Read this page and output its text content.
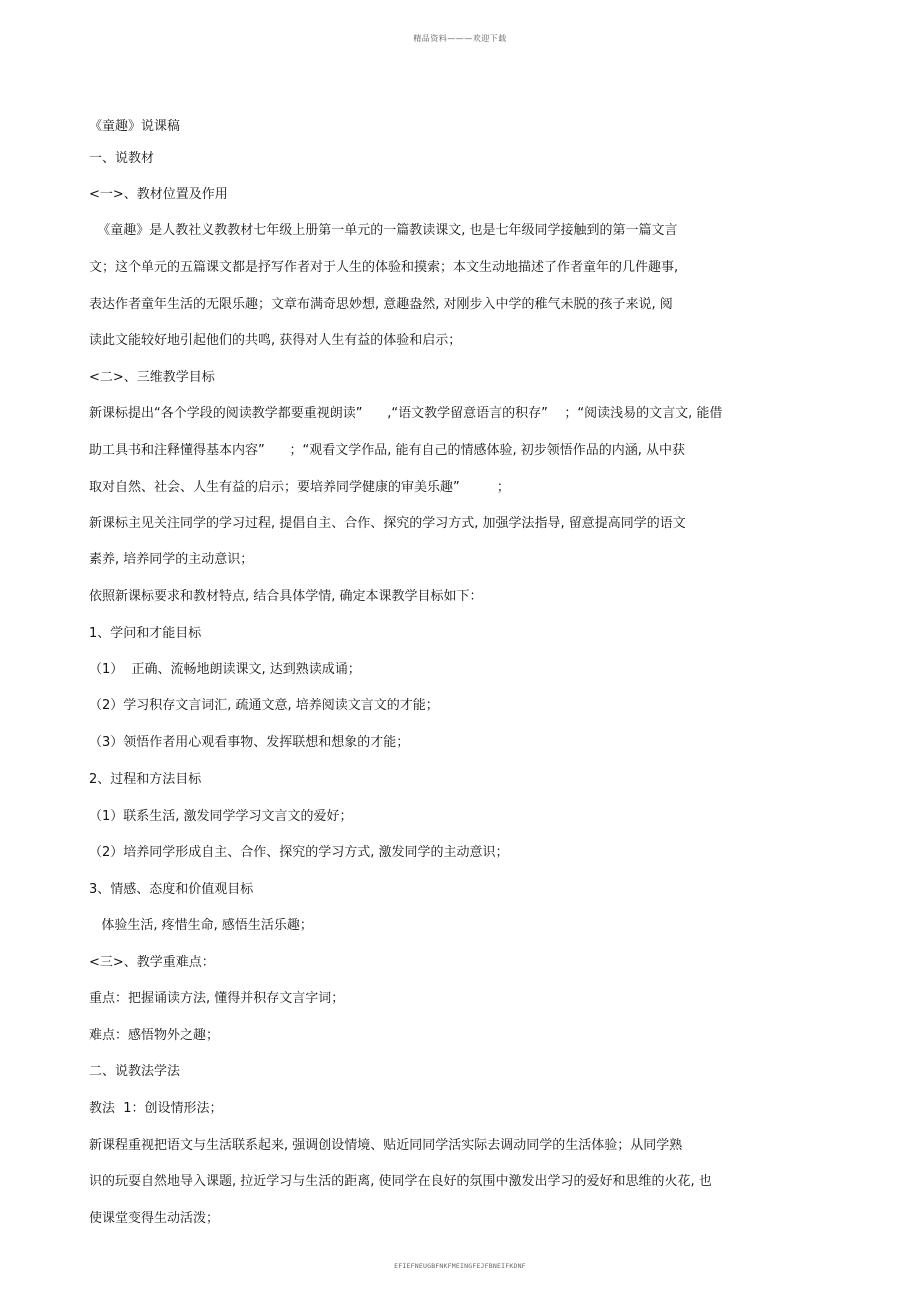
精品资料———欢迎下载
《童趣》说课稿
一、说教材
<一>、教材位置及作用
《童趣》是人教社义教教材七年级上册第一单元的一篇教读课文, 也是七年级同学接触到的第一篇文言
文；这个单元的五篇课文都是抒写作者对于人生的体验和摸索；本文生动地描述了作者童年的几件趣事,
表达作者童年生活的无限乐趣；文章布满奇思妙想, 意趣盎然, 对刚步入中学的稚气未脱的孩子来说, 阅
读此文能较好地引起他们的共鸣, 获得对人生有益的体验和启示；
<二>、三维教学目标
新课标提出“各个学段的阅读教学都要重视朗读”      ,“语文教学留意语言的积存”    ；“阅读浅易的文言文, 能借
助工具书和注释懂得基本内容”      ；“观看文学作品, 能有自己的情感体验, 初步领悟作品的内涵, 从中获
取对自然、社会、人生有益的启示；要培养同学健康的审美乐趣”         ；
新课标主见关注同学的学习过程, 提倡自主、合作、探究的学习方式, 加强学法指导, 留意提高同学的语文
素养, 培养同学的主动意识；
依照新课标要求和教材特点, 结合具体学情, 确定本课教学目标如下：
1、学问和才能目标
（1）  正确、流畅地朗读课文, 达到熟读成诵；
（2）学习积存文言词汇, 疏通文意, 培养阅读文言文的才能；
（3）领悟作者用心观看事物、发挥联想和想象的才能；
2、过程和方法目标
（1）联系生活, 激发同学学习文言文的爱好；
（2）培养同学形成自主、合作、探究的学习方式, 激发同学的主动意识；
3、情感、态度和价值观目标
体验生活, 疼惜生命, 感悟生活乐趣；
<三>、教学重难点：
重点：把握诵读方法, 懂得并积存文言字词；
难点：感悟物外之趣；
二、说教法学法
教法  1：创设情形法；
新课程重视把语文与生活联系起来, 强调创设情境、贴近同同学活实际去调动同学的生活体验；从同学熟
识的玩耍自然地导入课题, 拉近学习与生活的距离, 使同学在良好的氛围中激发出学习的爱好和思维的火花, 也
使课堂变得生动活泼；
EFIEFNEUGBFNKFMEINGFEJFBNEIFKDNF
